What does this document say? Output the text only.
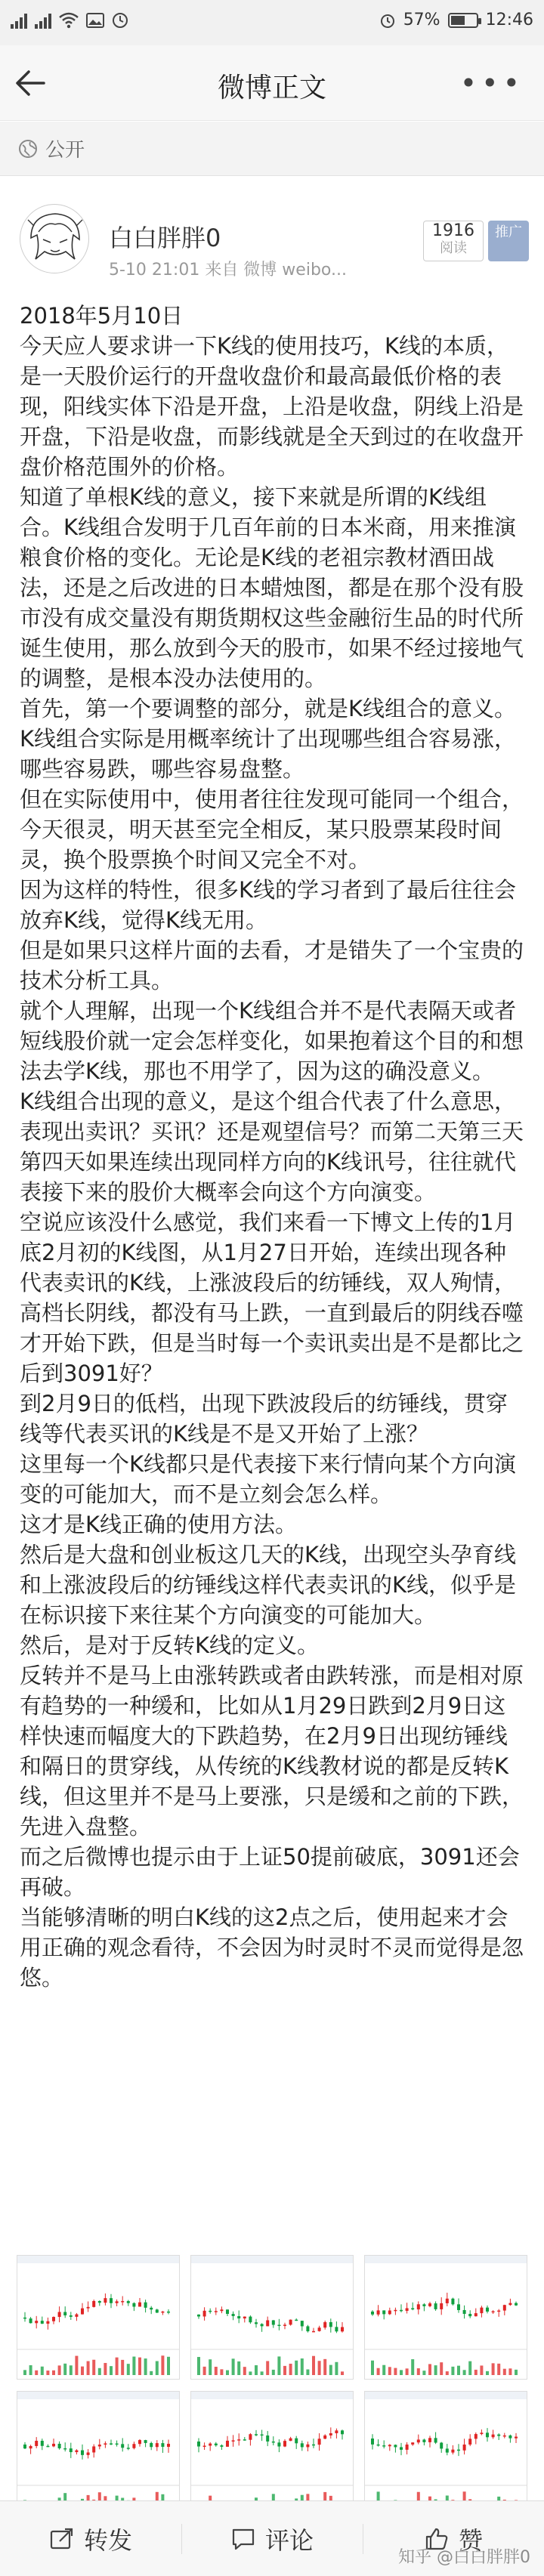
57%	12:46
微博正文	•••
公开
白白胖胖0
5-10 21:01 来自 微博 weibo...
1916
阅读
推广

2018年5月10日

今天应人要求讲一下K线的使用技巧，K线的本质，是一天股价运行的开盘收盘价和最高最低价格的表现，阳线实体下沿是开盘，上沿是收盘，阴线上沿是开盘，下沿是收盘，而影线就是全天到过的在收盘开盘价格范围外的价格。

知道了单根K线的意义，接下来就是所谓的K线组合。K线组合发明于几百年前的日本米商，用来推演粮食价格的变化。无论是K线的老祖宗教材酒田战法，还是之后改进的日本蜡烛图，都是在那个没有股市没有成交量没有期货期权这些金融衍生品的时代所诞生使用，那么放到今天的股市，如果不经过接地气的调整，是根本没办法使用的。

首先，第一个要调整的部分，就是K线组合的意义。K线组合实际是用概率统计了出现哪些组合容易涨，哪些容易跌，哪些容易盘整。

但在实际使用中，使用者往往发现可能同一个组合，今天很灵，明天甚至完全相反，某只股票某段时间灵，换个股票换个时间又完全不对。

因为这样的特性，很多K线的学习者到了最后往往会放弃K线，觉得K线无用。

但是如果只这样片面的去看，才是错失了一个宝贵的技术分析工具。

就个人理解，出现一个K线组合并不是代表隔天或者短线股价就一定会怎样变化，如果抱着这个目的和想法去学K线，那也不用学了，因为这的确没意义。

K线组合出现的意义，是这个组合代表了什么意思，表现出卖讯？买讯？还是观望信号？而第二天第三天第四天如果连续出现同样方向的K线讯号，往往就代表接下来的股价大概率会向这个方向演变。

空说应该没什么感觉，我们来看一下博文上传的1月底2月初的K线图，从1月27日开始，连续出现各种代表卖讯的K线，上涨波段后的纺锤线，双人殉情，高档长阴线，都没有马上跌，一直到最后的阴线吞噬才开始下跌，但是当时每一个卖讯卖出是不是都比之后到3091好？

到2月9日的低档，出现下跌波段后的纺锤线，贯穿线等代表买讯的K线是不是又开始了上涨？

这里每一个K线都只是代表接下来行情向某个方向演变的可能加大，而不是立刻会怎么样。

这才是K线正确的使用方法。

然后是大盘和创业板这几天的K线，出现空头孕育线和上涨波段后的纺锤线这样代表卖讯的K线，似乎是在标识接下来往某个方向演变的可能加大。

然后，是对于反转K线的定义。

反转并不是马上由涨转跌或者由跌转涨，而是相对原有趋势的一种缓和，比如从1月29日跌到2月9日这样快速而幅度大的下跌趋势，在2月9日出现纺锤线和隔日的贯穿线，从传统的K线教材说的都是反转K线，但这里并不是马上要涨，只是缓和之前的下跌，先进入盘整。

而之后微博也提示由于上证50提前破底，3091还会再破。

当能够清晰的明白K线的这2点之后，使用起来才会用正确的观念看待，不会因为时灵时不灵而觉得是忽悠。

转发	评论	赞
知乎 @白白胖胖0
